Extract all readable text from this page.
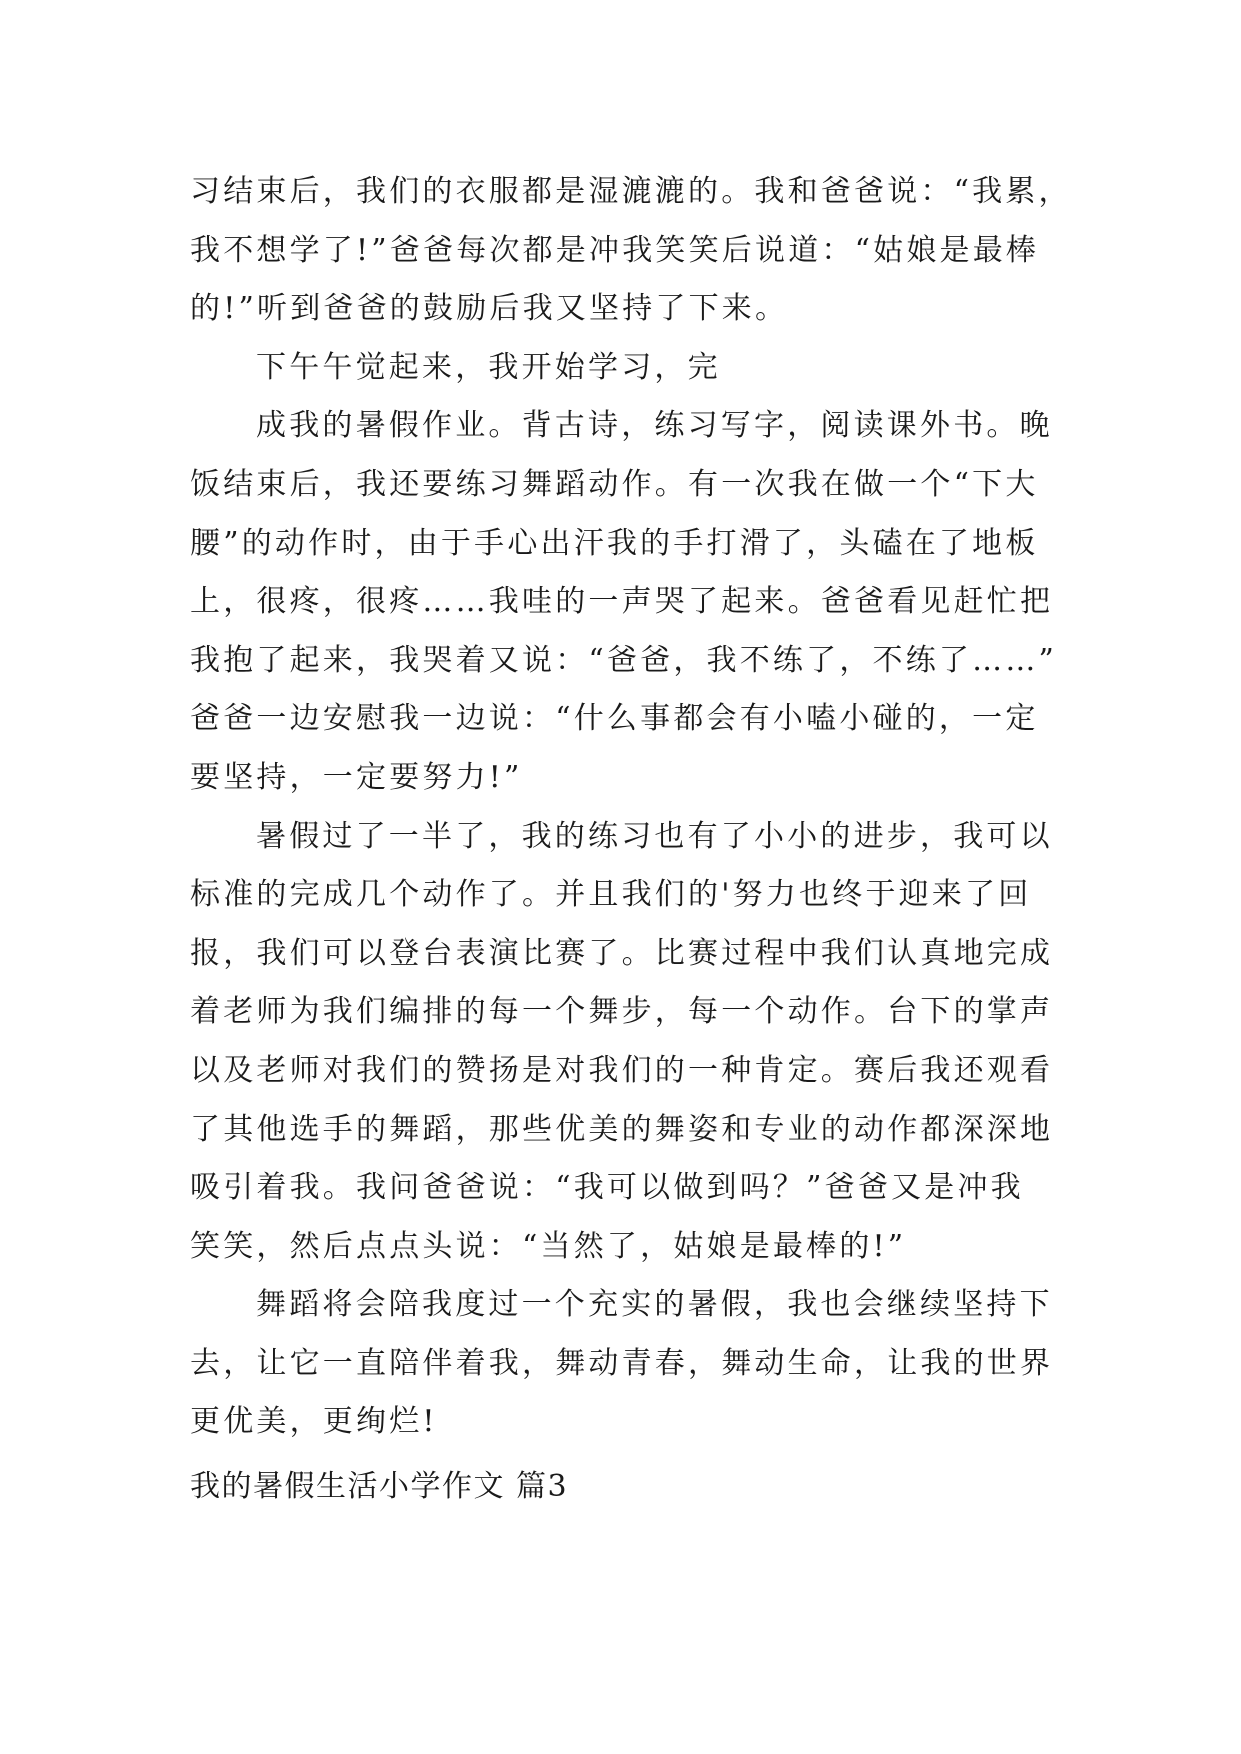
习结束后，我们的衣服都是湿漉漉的。我和爸爸说：“我累，
我不想学了!”爸爸每次都是冲我笑笑后说道：“姑娘是最棒
的!”听到爸爸的鼓励后我又坚持了下来。
下午午觉起来，我开始学习，完
成我的暑假作业。背古诗，练习写字，阅读课外书。晚
饭结束后，我还要练习舞蹈动作。有一次我在做一个“下大
腰”的动作时，由于手心出汗我的手打滑了，头磕在了地板
上，很疼，很疼……我哇的一声哭了起来。爸爸看见赶忙把
我抱了起来，我哭着又说：“爸爸，我不练了，不练了……”
爸爸一边安慰我一边说：“什么事都会有小嗑小碰的，一定
要坚持，一定要努力!”
暑假过了一半了，我的练习也有了小小的进步，我可以
标准的完成几个动作了。并且我们的'努力也终于迎来了回
报，我们可以登台表演比赛了。比赛过程中我们认真地完成
着老师为我们编排的每一个舞步，每一个动作。台下的掌声
以及老师对我们的赞扬是对我们的一种肯定。赛后我还观看
了其他选手的舞蹈，那些优美的舞姿和专业的动作都深深地
吸引着我。我问爸爸说：“我可以做到吗？”爸爸又是冲我
笑笑，然后点点头说：“当然了，姑娘是最棒的!”
舞蹈将会陪我度过一个充实的暑假，我也会继续坚持下
去，让它一直陪伴着我，舞动青春，舞动生命，让我的世界
更优美，更绚烂!
我的暑假生活小学作文 篇3
